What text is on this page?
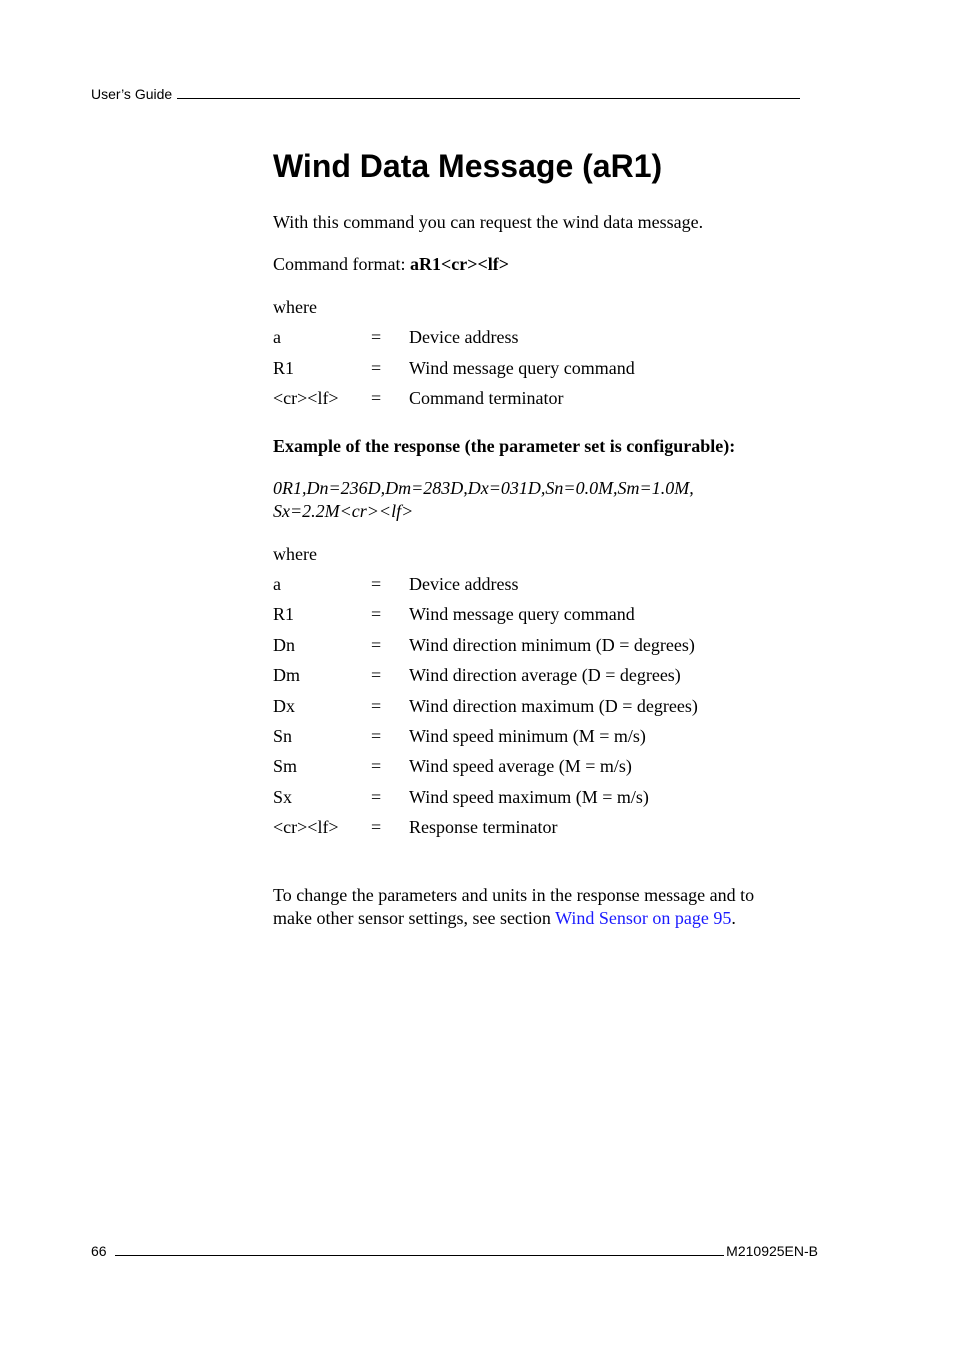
User’s Guide
Wind Data Message (aR1)

With this command you can request the wind data message.

Command format: aR1<cr><lf>

where

a	= Device address
R1	= Wind message query command
<cr><lf> = Command terminator

Example of the response (the parameter set is configurable):

0R1,Dn=236D,Dm=283D,Dx=031D,Sn=0.0M,Sm=1.0M,

Sx=2.2M<cr><lf>

where

a	= Device address
R1	= Wind message query command
Dn	= Wind direction minimum (D = degrees)
Dm	= Wind direction average (D = degrees)
Dx	= Wind direction maximum (D = degrees)
Sn	= Wind speed minimum (M = m/s)
Sm	= Wind speed average (M = m/s)
Sx	= Wind speed maximum (M = m/s)
<cr><lf> = Response terminator

To change the parameters and units in the response message and to

make other sensor settings, see section Wind Sensor on page 95.

66	M210925EN-B
